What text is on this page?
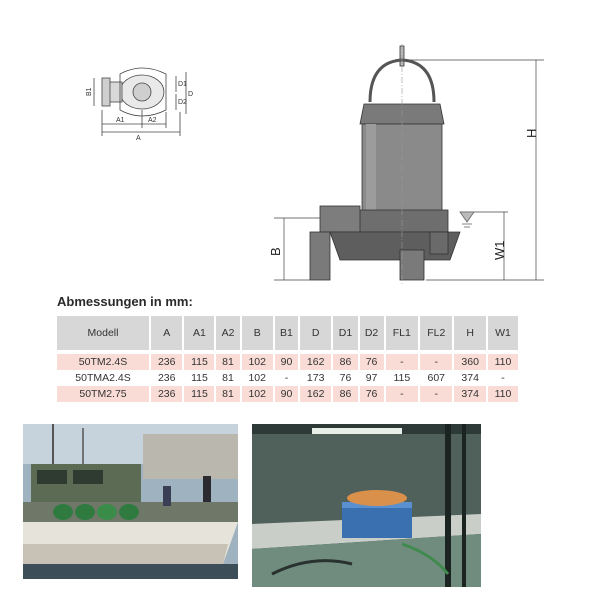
B1
D1
D2
D
A1	A2
A
H
B	W1
Abmessungen in mm:
Modell	A	A1	A2	B	B1	D	D1	D2	FL1	FL2	H	W1
50TM2.4S	236	115	81	102	90	162	86	76	-	-	360	110
50TMA2.4S	236	115	81	102	-	173	76	97	115	607	374	-
50TM2.75	236	115	81	102	90	162	86	76	-	-	374	110
